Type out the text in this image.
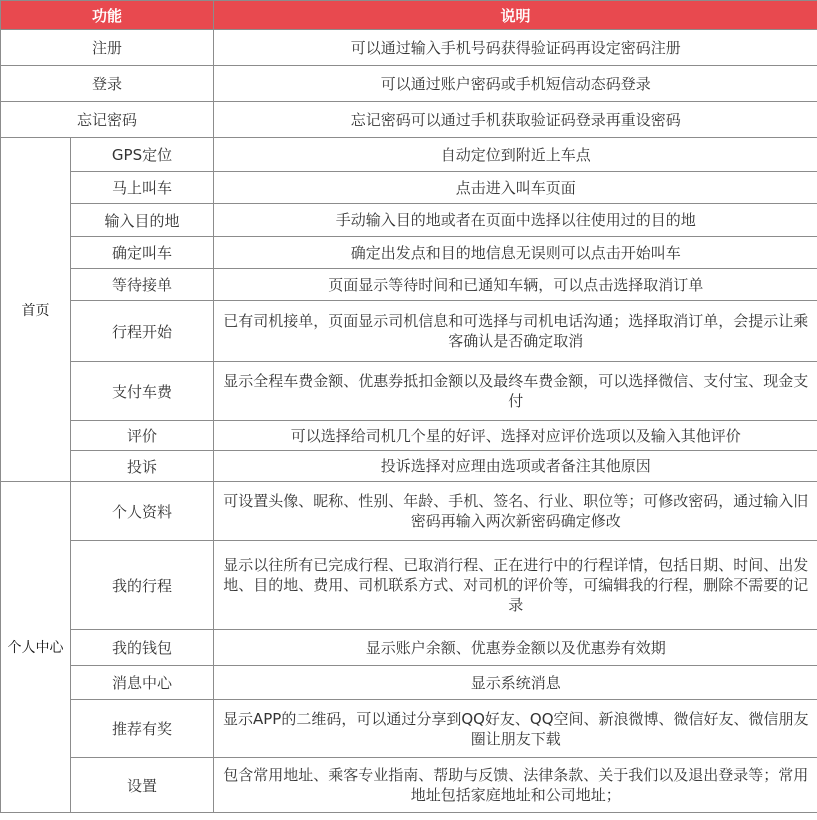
功能		说明
注册		可以通过输入手机号码获得验证码再设定密码注册
登录		可以通过账户密码或手机短信动态码登录
忘记密码		忘记密码可以通过手机获取验证码登录再重设密码
首页	GPS定位	自动定位到附近上车点
	马上叫车	点击进入叫车页面
	输入目的地	手动输入目的地或者在页面中选择以往使用过的目的地
	确定叫车	确定出发点和目的地信息无误则可以点击开始叫车
	等待接单	页面显示等待时间和已通知车辆，可以点击选择取消订单
	行程开始	已有司机接单，页面显示司机信息和可选择与司机电话沟通；选择取消订单，会提示让乘客确认是否确定取消
	支付车费	显示全程车费金额、优惠券抵扣金额以及最终车费金额，可以选择微信、支付宝、现金支付
	评价	可以选择给司机几个星的好评、选择对应评价选项以及输入其他评价
	投诉	投诉选择对应理由选项或者备注其他原因
个人中心	个人资料	可设置头像、昵称、性别、年龄、手机、签名、行业、职位等；可修改密码，通过输入旧密码再输入两次新密码确定修改
	我的行程	显示以往所有已完成行程、已取消行程、正在进行中的行程详情，包括日期、时间、出发地、目的地、费用、司机联系方式、对司机的评价等，可编辑我的行程，删除不需要的记录
	我的钱包	显示账户余额、优惠券金额以及优惠券有效期
	消息中心	显示系统消息
	推荐有奖	显示APP的二维码，可以通过分享到QQ好友、QQ空间、新浪微博、微信好友、微信朋友圈让朋友下载
	设置	包含常用地址、乘客专业指南、帮助与反馈、法律条款、关于我们以及退出登录等；常用地址包括家庭地址和公司地址；
